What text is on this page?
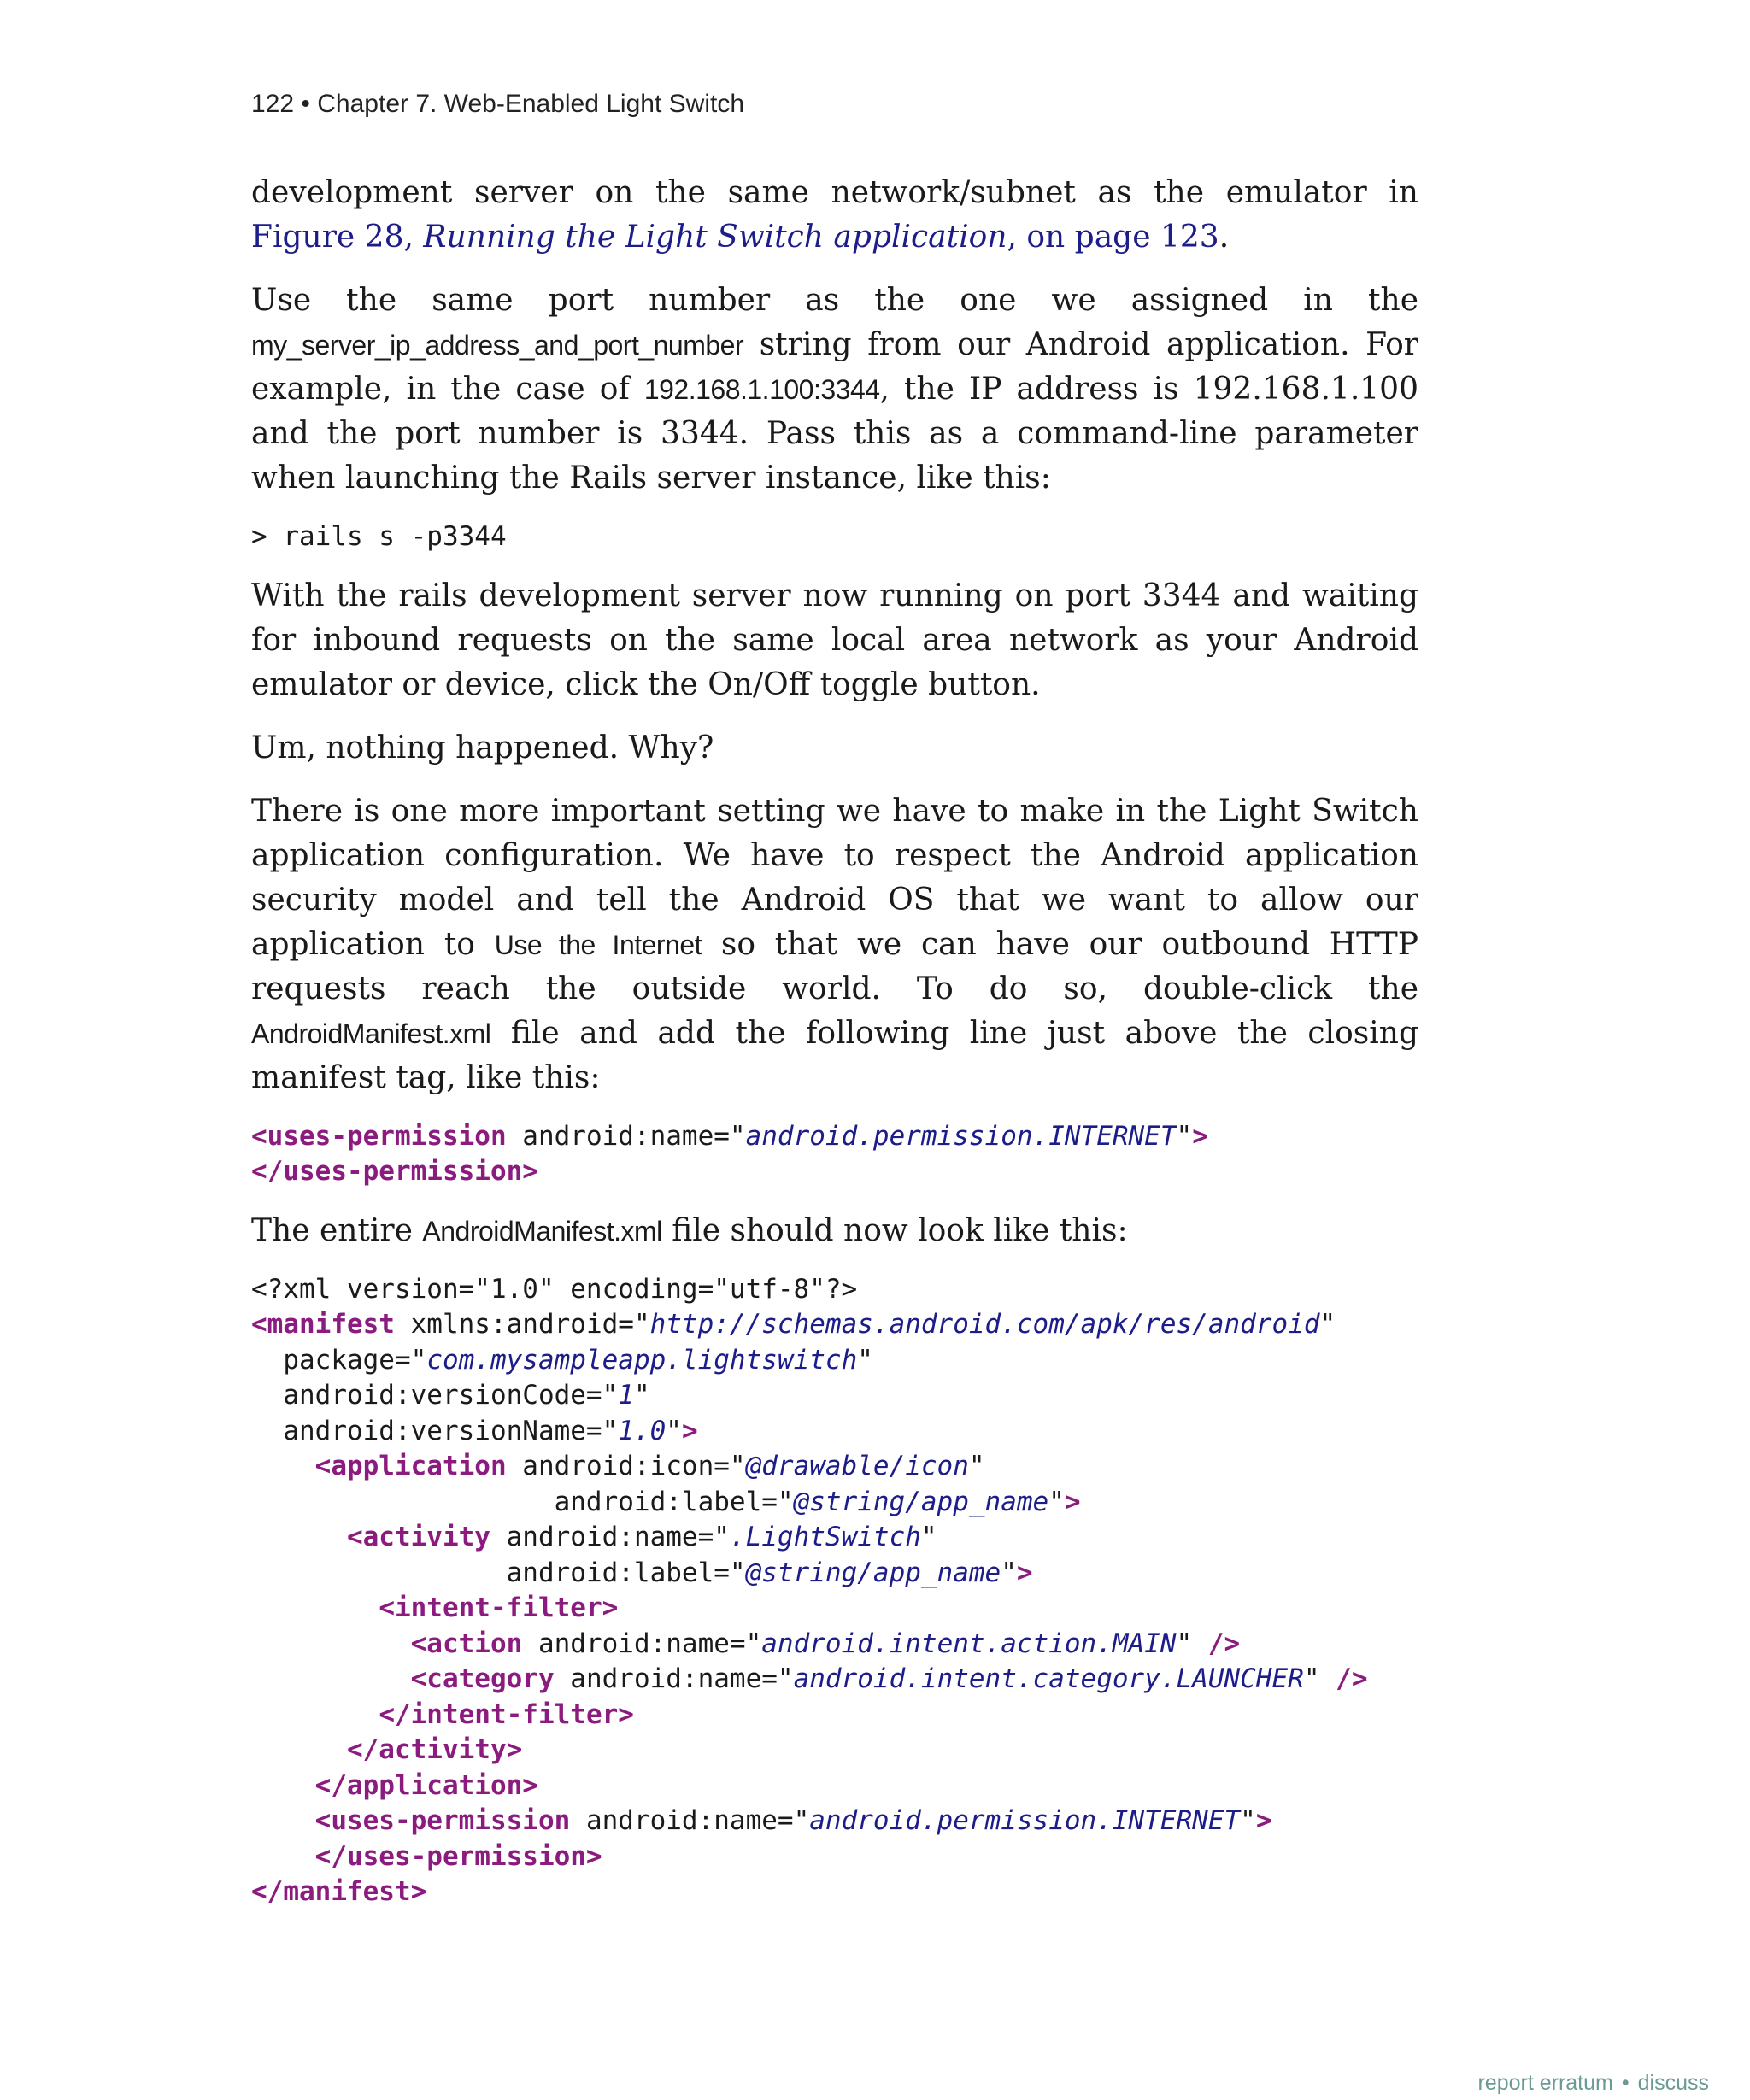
122 • Chapter 7. Web-Enabled Light Switch

development server on the same network/subnet as the emulator in Figure 28, Running the Light Switch application, on page 123.

Use the same port number as the one we assigned in the my_server_ip_address_and_port_number string from our Android application. For example, in the case of 192.168.1.100:3344, the IP address is 192.168.1.100 and the port number is 3344. Pass this as a command-line parameter when launching the Rails server instance, like this:

> rails s -p3344

With the rails development server now running on port 3344 and waiting for inbound requests on the same local area network as your Android emulator or device, click the On/Off toggle button.

Um, nothing happened. Why?

There is one more important setting we have to make in the Light Switch application configuration. We have to respect the Android application security model and tell the Android OS that we want to allow our application to Use the Internet so that we can have our outbound HTTP requests reach the outside world. To do so, double-click the AndroidManifest.xml file and add the following line just above the closing manifest tag, like this:

<uses-permission android:name="android.permission.INTERNET">
</uses-permission>

The entire AndroidManifest.xml file should now look like this:

<?xml version="1.0" encoding="utf-8"?>
<manifest xmlns:android="http://schemas.android.com/apk/res/android"
package="com.mysampleapp.lightswitch"
android:versionCode="1"
android:versionName="1.0">
<application android:icon="@drawable/icon"
android:label="@string/app_name">
<activity android:name=".LightSwitch"
android:label="@string/app_name">
<intent-filter>
<action android:name="android.intent.action.MAIN" />
<category android:name="android.intent.category.LAUNCHER" />
</intent-filter>
</activity>
</application>
<uses-permission android:name="android.permission.INTERNET">
</uses-permission>
</manifest>
report erratum • discuss
